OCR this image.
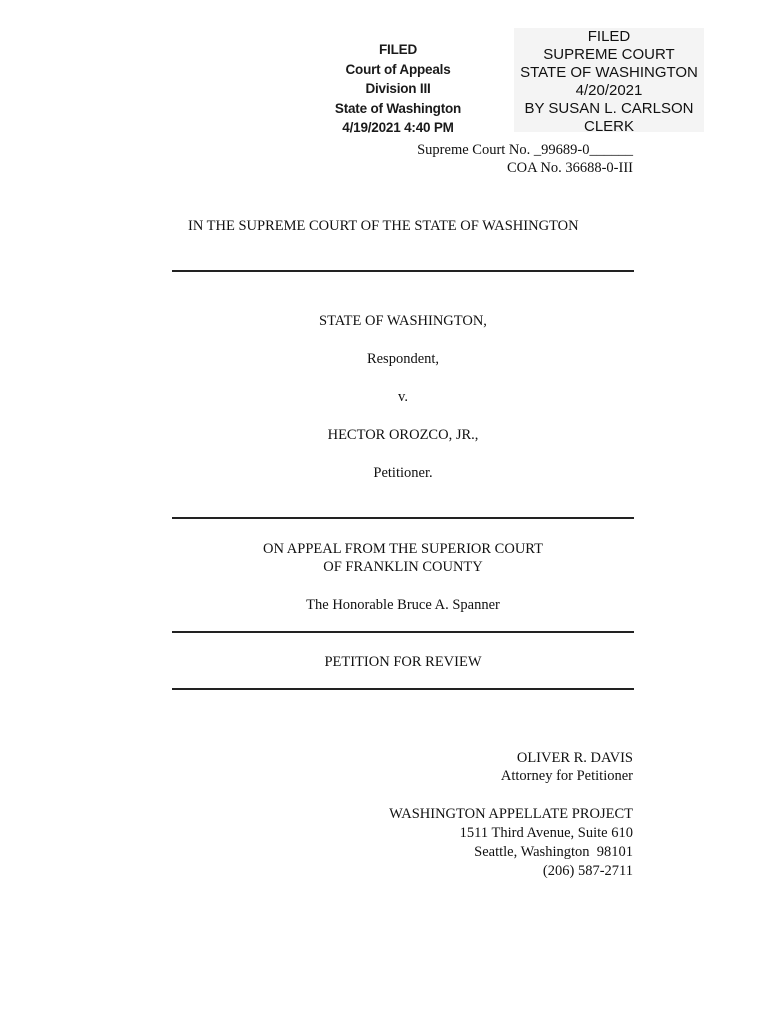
FILED
Court of Appeals
Division III
State of Washington
4/19/2021 4:40 PM
FILED
SUPREME COURT
STATE OF WASHINGTON
4/20/2021
BY SUSAN L. CARLSON
CLERK
Supreme Court No. _99689-0______
COA No. 36688-0-III
IN THE SUPREME COURT OF THE STATE OF WASHINGTON
STATE OF WASHINGTON,
Respondent,
v.
HECTOR OROZCO, JR.,
Petitioner.
ON APPEAL FROM THE SUPERIOR COURT
OF FRANKLIN COUNTY
The Honorable Bruce A. Spanner
PETITION FOR REVIEW
OLIVER R. DAVIS
Attorney for Petitioner
WASHINGTON APPELLATE PROJECT
1511 Third Avenue, Suite 610
Seattle, Washington  98101
(206) 587-2711
